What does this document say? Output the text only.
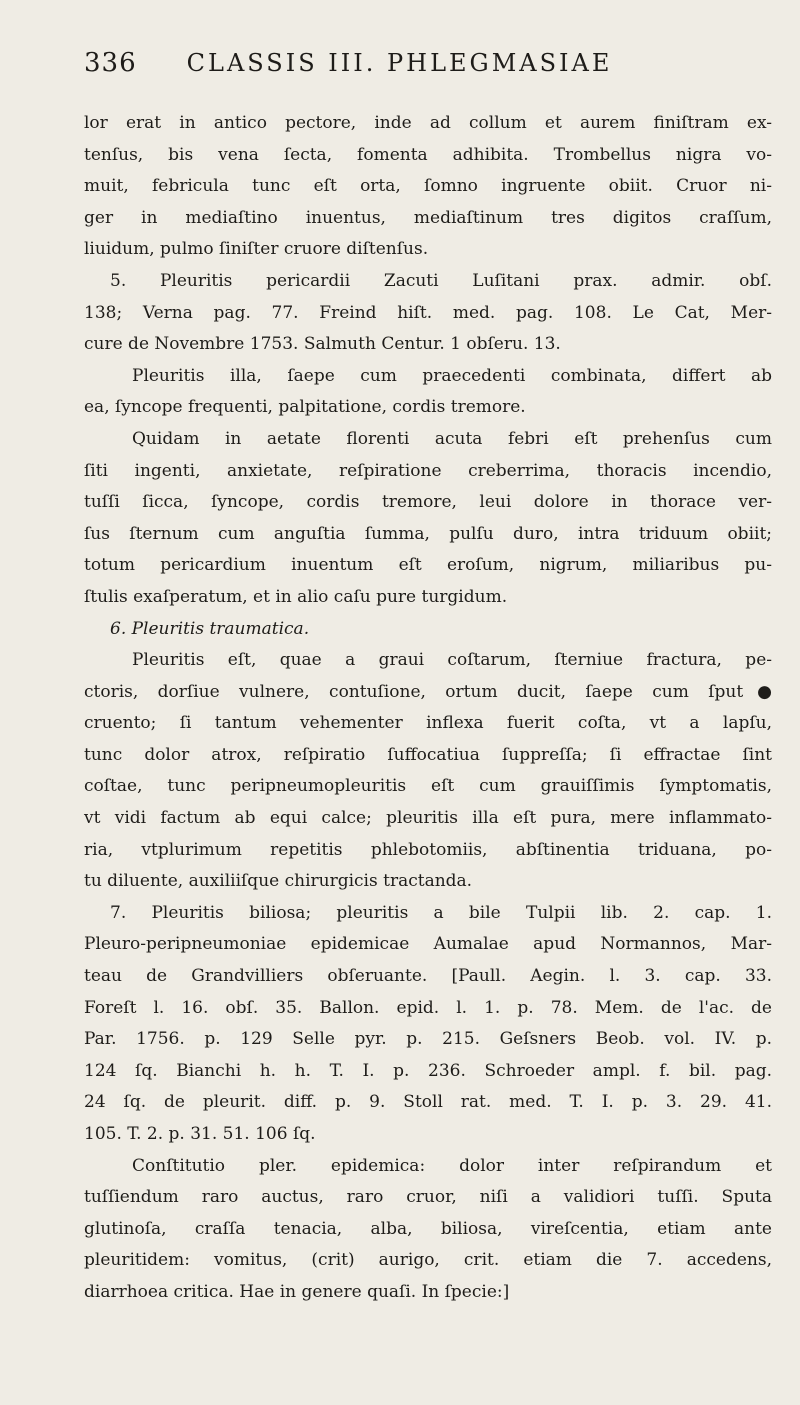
336 CLASSIS III. PHLEGMASIAE

lor erat in antico pectore, inde ad collum et aurem finiſtram ex-
tenſus, bis vena ſecta, fomenta adhibita. Trombellus nigra vo-
muit, febricula tunc eſt orta, ſomno ingruente obiit. Cruor ni-
ger in mediaſtino inuentus, mediaſtinum tres digitos craſſum,
liuidum, pulmo ſiniſter cruore diſtenſus.

5. Pleuritis pericardii Zacuti Luſitani prax. admir. obſ.
138; Verna pag. 77. Freind hiſt. med. pag. 108. Le Cat, Mer-
cure de Novembre 1753. Salmuth Centur. 1 obſeru. 13.

Pleuritis illa, ſaepe cum praecedenti combinata, differt ab
ea, ſyncope frequenti, palpitatione, cordis tremore.

Quidam in aetate florenti acuta febri eſt prehenſus cum
ſiti ingenti, anxietate, reſpiratione creberrima, thoracis incendio,
tuſſi ſicca, ſyncope, cordis tremore, leui dolore in thorace ver-
ſus ſternum cum anguſtia ſumma, pulſu duro, intra triduum obiit;
totum pericardium inuentum eſt eroſum, nigrum, miliaribus pu-
ſtulis exaſperatum, et in alio caſu pure turgidum.

6. Pleuritis traumatica.

Pleuritis eſt, quae a graui coſtarum, ſterniue fractura, pe-
ctoris, dorſiue vulnere, contuſione, ortum ducit, ſaepe cum ſput●
cruento; ſi tantum vehementer inflexa fuerit coſta, vt a lapſu,
tunc dolor atrox, reſpiratio ſuffocatiua ſuppreſſa; ſi effractae ſint
coſtae, tunc peripneumopleuritis eſt cum grauiſſimis ſymptomatis,
vt vidi factum ab equi calce; pleuritis illa eſt pura, mere inflammato-
ria, vtplurimum repetitis phlebotomiis, abſtinentia triduana, po-
tu diluente, auxiliiſque chirurgicis tractanda.

7. Pleuritis biliosa; pleuritis a bile Tulpii lib. 2. cap. 1.
Pleuro-peripneumoniae epidemicae Aumalae apud Normannos, Mar-
teau de Grandvilliers obſeruante. [Paull. Aegin. l. 3. cap. 33.
Foreſt l. 16. obſ. 35. Ballon. epid. l. 1. p. 78. Mem. de l'ac. de
Par. 1756. p. 129 Selle pyr. p. 215. Geſsners Beob. vol. IV. p.
124 ſq. Bianchi h. h. T. I. p. 236. Schroeder ampl. f. bil. pag.
24 ſq. de pleurit. diff. p. 9. Stoll rat. med. T. I. p. 3. 29. 41.
105. T. 2. p. 31. 51. 106 ſq.

Conſtitutio pler. epidemica: dolor inter reſpirandum et
tuſſiendum raro auctus, raro cruor, niſi a validiori tuſſi. Sputa
glutinoſa, craſſa tenacia, alba, biliosa, vireſcentia, etiam ante
pleuritidem: vomitus, (crit) aurigo, crit. etiam die 7. accedens,
diarrhoea critica. Hae in genere quaſi. In ſpecie:]
